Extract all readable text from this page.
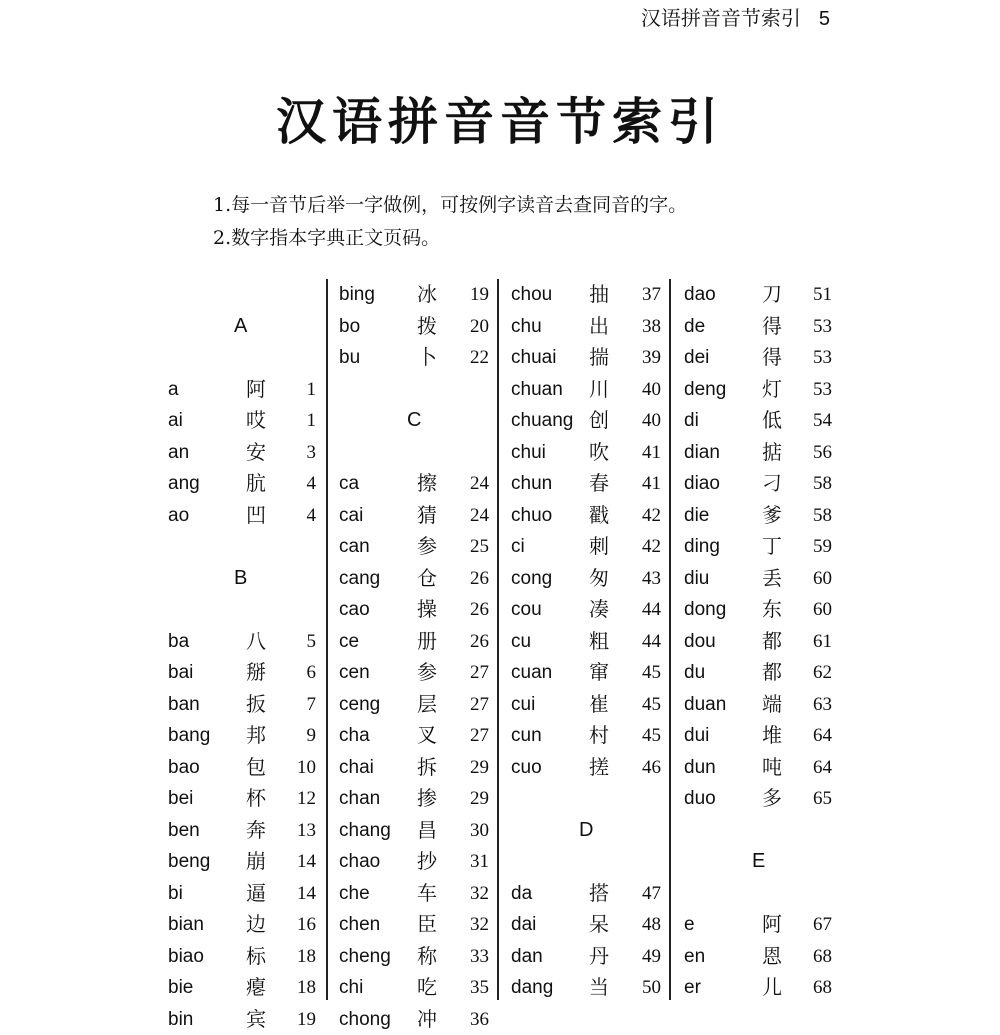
汉语拼音音节索引 5
汉语拼音音节索引
1.每一音节后举一字做例，可按例字读音去查同音的字。
2.数字指本字典正文页码。
A
a	阿 1
ai	哎 1
an	安 3
ang 肮 4
ao	凹 4
B
ba	八 5
bai	掰 6
ban 扳 7
bang 邦 9
bao 包 10
bei	杯 12
ben 奔 13
beng 崩 14
bi	逼 14
bian 边 16
biao 标 18
bie	瘪 18
bin	宾 19
bing 冰 19
bo	拨 20
bu	卜 22
C
ca	擦 24
cai	猜 24
can 参 25
cang 仓 26
cao 操 26
ce	册 26
cen 参 27
ceng 层 27
cha 叉 27
chai 拆 29
chan 掺 29
chang 昌 30
chao 抄 31
che 车 32
chen 臣 32
cheng 称 33
chi	吃 35
chong 冲 36
chou 抽 37
chu 出 38
chuai 揣 39
chuan 川 40
chuang 创 40
chui 吹 41
chun 春 41
chuo 戳 42
ci	刺 42
cong 匆 43
cou 凑 44
cu	粗 44
cuan 窜 45
cui	崔 45
cun 村 45
cuo 搓 46
D
da	搭 47
dai	呆 48
dan 丹 49
dang 当 50
dao 刀 51
de	得 53
dei	得 53
deng 灯 53
di	低 54
dian 掂 56
diao 刁 58
die	爹 58
ding 丁 59
diu	丢 60
dong 东 60
dou 都 61
du	都 62
duan 端 63
dui	堆 64
dun 吨 64
duo 多 65
E
e	阿 67
en	恩 68
er	儿 68
